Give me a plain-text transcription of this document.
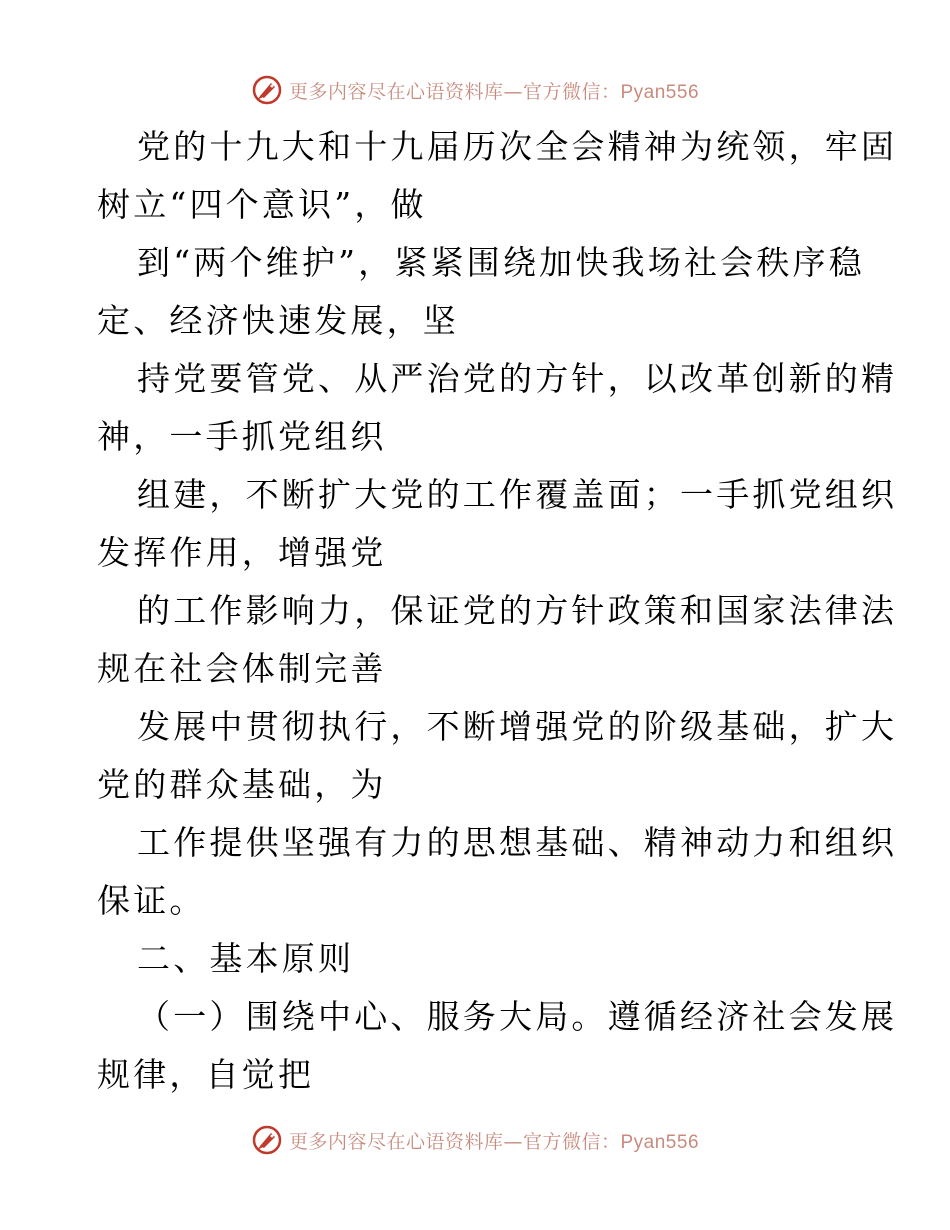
更多内容尽在心语资料库—官方微信：Pyan556

党的十九大和十九届历次全会精神为统领，牢固
树立“四个意识”，做
到“两个维护”，紧紧围绕加快我场社会秩序稳
定、经济快速发展，坚
持党要管党、从严治党的方针，以改革创新的精
神，一手抓党组织
组建，不断扩大党的工作覆盖面；一手抓党组织
发挥作用，增强党
的工作影响力，保证党的方针政策和国家法律法
规在社会体制完善
发展中贯彻执行，不断增强党的阶级基础，扩大
党的群众基础，为
工作提供坚强有力的思想基础、精神动力和组织
保证。
二、基本原则
（一）围绕中心、服务大局。遵循经济社会发展
规律，自觉把

更多内容尽在心语资料库—官方微信：Pyan556
